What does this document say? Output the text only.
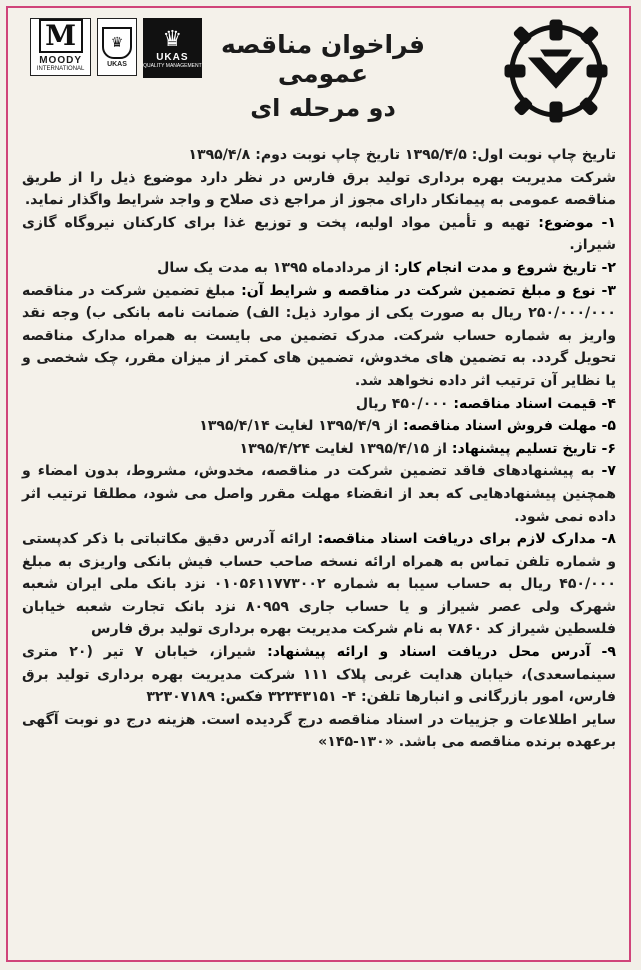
M
MOODY
INTERNATIONAL
♛
UKAS
♛
UKAS
QUALITY MANAGEMENT
فراخوان مناقصه عمومی
دو مرحله ای

تاریخ چاپ نوبت اول: ۱۳۹۵/۴/۵ تاریخ چاپ نوبت دوم: ۱۳۹۵/۴/۸

شرکت مدیریت بهره برداری تولید برق فارس در نظر دارد موضوع ذیل را از طریق مناقصه عمومی به پیمانکار دارای مجوز از مراجع ذی صلاح و واجد شرایط واگذار نماید.

۱- موضوع: تهیه و تأمین مواد اولیه، پخت و توزیع غذا برای کارکنان نیروگاه گازی شیراز.

۲- تاریخ شروع و مدت انجام کار: از مردادماه ۱۳۹۵ به مدت یک سال

۳- نوع و مبلغ تضمین شرکت در مناقصه و شرایط آن: مبلغ تضمین شرکت در مناقصه ۲۵۰/۰۰۰/۰۰۰ ریال به صورت یکی از موارد ذیل: الف) ضمانت نامه بانکی ب) وجه نقد واریز به شماره حساب شرکت. مدرک تضمین می بایست به همراه مدارک مناقصه تحویل گردد. به تضمین های مخدوش، تضمین های کمتر از میزان مقرر، چک شخصی و یا نظایر آن ترتیب اثر داده نخواهد شد.

۴- قیمت اسناد مناقصه: ۴۵۰/۰۰۰ ریال

۵- مهلت فروش اسناد مناقصه: از ۱۳۹۵/۴/۹ لغایت ۱۳۹۵/۴/۱۴

۶- تاریخ تسلیم پیشنهاد: از ۱۳۹۵/۴/۱۵ لغایت ۱۳۹۵/۴/۲۴

۷- به پیشنهادهای فاقد تضمین شرکت در مناقصه، مخدوش، مشروط، بدون امضاء و همچنین پیشنهادهایی که بعد از انقضاء مهلت مقرر واصل می شود، مطلقا ترتیب اثر داده نمی شود.

۸- مدارک لازم برای دریافت اسناد مناقصه: ارائه آدرس دقیق مکاتباتی با ذکر کدپستی و شماره تلفن تماس به همراه ارائه نسخه صاحب حساب فیش بانکی واریزی به مبلغ ۴۵۰/۰۰۰ ریال به حساب سیبا به شماره ۰۱۰۵۶۱۱۷۷۳۰۰۲ نزد بانک ملی ایران شعبه شهرک ولی عصر شیراز و یا حساب جاری ۸۰۹۵۹ نزد بانک تجارت شعبه خیابان فلسطین شیراز کد ۷۸۶۰ به نام شرکت مدیریت بهره برداری تولید برق فارس

۹- آدرس محل دریافت اسناد و ارائه پیشنهاد: شیراز، خیابان ۷ تیر (۲۰ متری سینماسعدی)، خیابان هدایت غربی پلاک ۱۱۱ شرکت مدیریت بهره برداری تولید برق فارس، امور بازرگانی و انبارها تلفن: ۴- ۳۲۳۴۳۱۵۱ فکس: ۳۲۳۰۷۱۸۹

سایر اطلاعات و جزییات در اسناد مناقصه درج گردیده است. هزینه درج دو نوبت آگهی برعهده برنده مناقصه می باشد. «۱۳۰-۱۴۵»
